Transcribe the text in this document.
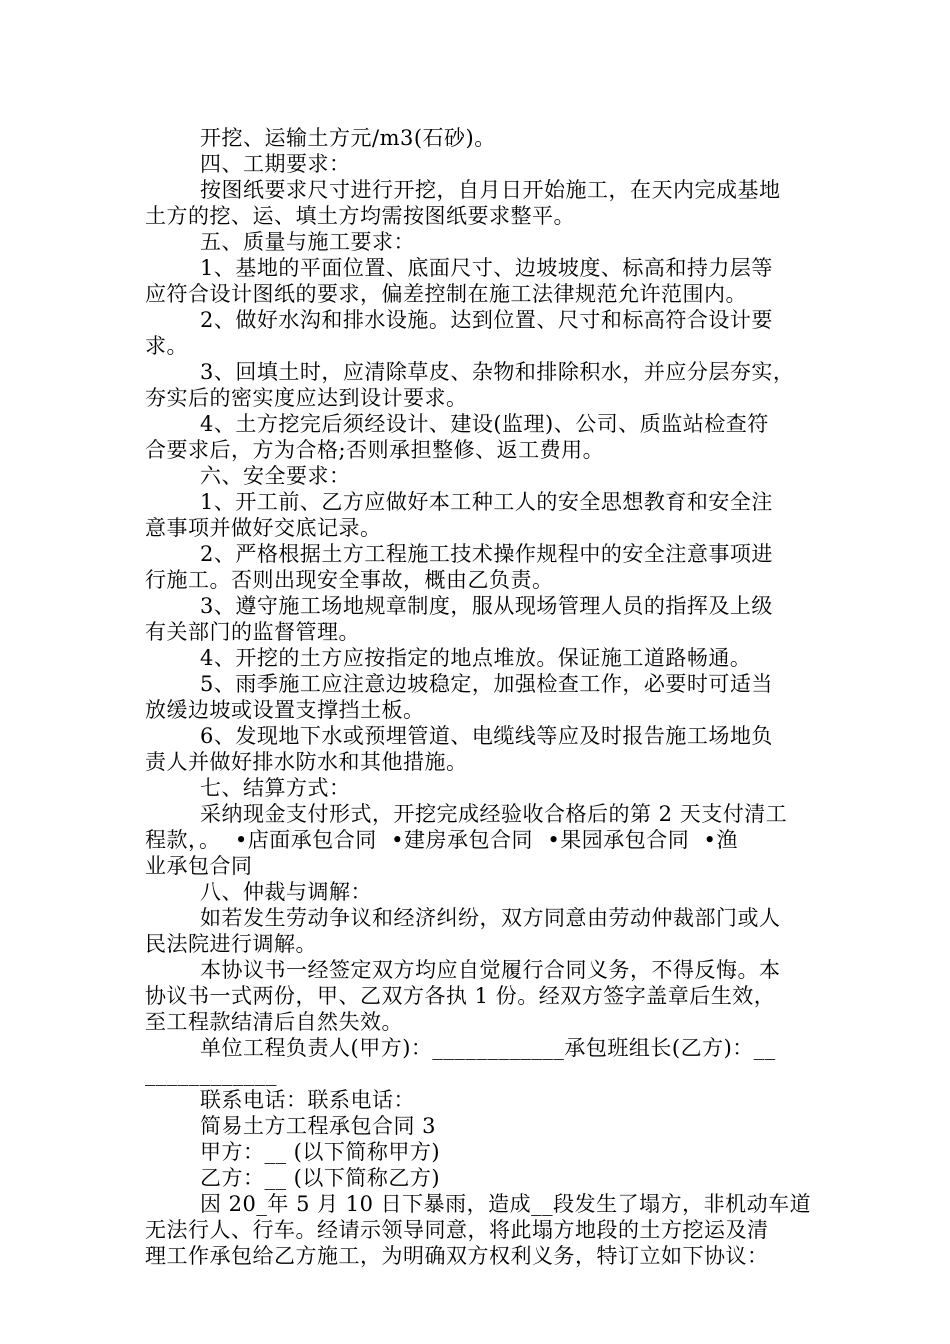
开挖、运输土方元/m3(石砂)。
四、工期要求：
按图纸要求尺寸进行开挖，自月日开始施工，在天内完成基地
土方的挖、运、填土方均需按图纸要求整平。
五、质量与施工要求：
1、基地的平面位置、底面尺寸、边坡坡度、标高和持力层等
应符合设计图纸的要求，偏差控制在施工法律规范允许范围内。
2、做好水沟和排水设施。达到位置、尺寸和标高符合设计要
求。
3、回填土时，应清除草皮、杂物和排除积水，并应分层夯实，
夯实后的密实度应达到设计要求。
4、土方挖完后须经设计、建设(监理)、公司、质监站检查符
合要求后，方为合格;否则承担整修、返工费用。
六、安全要求：
1、开工前、乙方应做好本工种工人的安全思想教育和安全注
意事项并做好交底记录。
2、严格根据土方工程施工技术操作规程中的安全注意事项进
行施工。否则出现安全事故，概由乙负责。
3、遵守施工场地规章制度，服从现场管理人员的指挥及上级
有关部门的监督管理。
4、开挖的土方应按指定的地点堆放。保证施工道路畅通。
5、雨季施工应注意边坡稳定，加强检查工作，必要时可适当
放缓边坡或设置支撑挡土板。
6、发现地下水或预埋管道、电缆线等应及时报告施工场地负
责人并做好排水防水和其他措施。
七、结算方式：
采纳现金支付形式，开挖完成经验收合格后的第 2 天支付清工
程款，。  •店面承包合同  •建房承包合同  •果园承包合同  •渔
业承包合同
八、仲裁与调解：
如若发生劳动争议和经济纠纷，双方同意由劳动仲裁部门或人
民法院进行调解。
本协议书一经签定双方均应自觉履行合同义务，不得反悔。本
协议书一式两份，甲、乙双方各执 1 份。经双方签字盖章后生效，
至工程款结清后自然失效。
单位工程负责人(甲方)：____________承包班组长(乙方)：__
____________
联系电话：联系电话：
简易土方工程承包合同 3
甲方：__ (以下简称甲方)
乙方：__ (以下简称乙方)
因 20_年 5 月 10 日下暴雨，造成__段发生了塌方，非机动车道
无法行人、行车。经请示领导同意，将此塌方地段的土方挖运及清
理工作承包给乙方施工，为明确双方权利义务，特订立如下协议：
